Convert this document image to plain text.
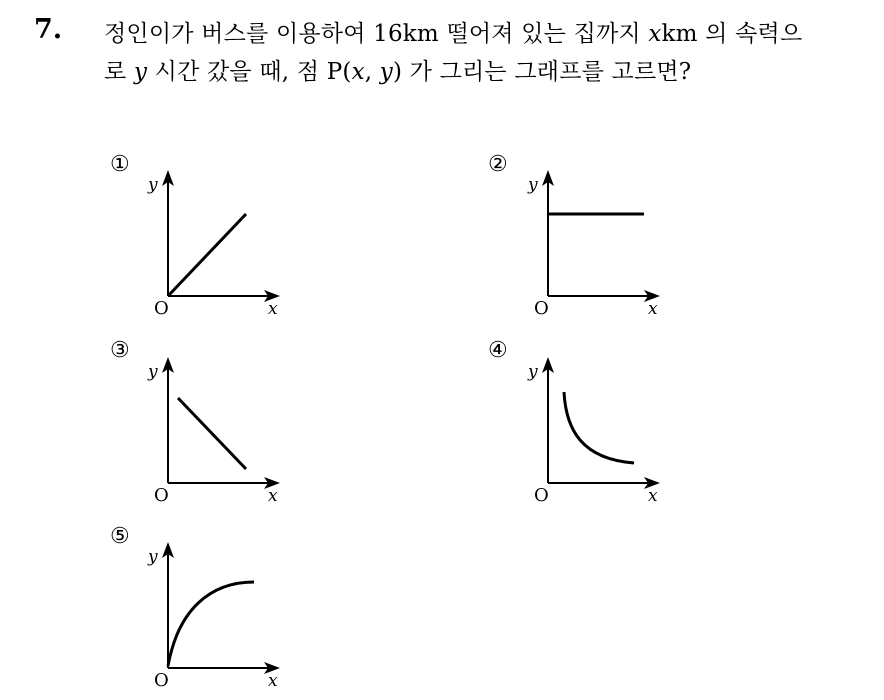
7. 정인이가 버스를 이용하여 16km 떨어져 있는 집까지 xkm 의 속력으
로 y 시간 갔을 때, 점 P(x, y) 가 그리는 그래프를 고르면?
①
y
x
O
②
y
x
O
③
y
x
O
④
y
x
O
⑤
y
x
O
